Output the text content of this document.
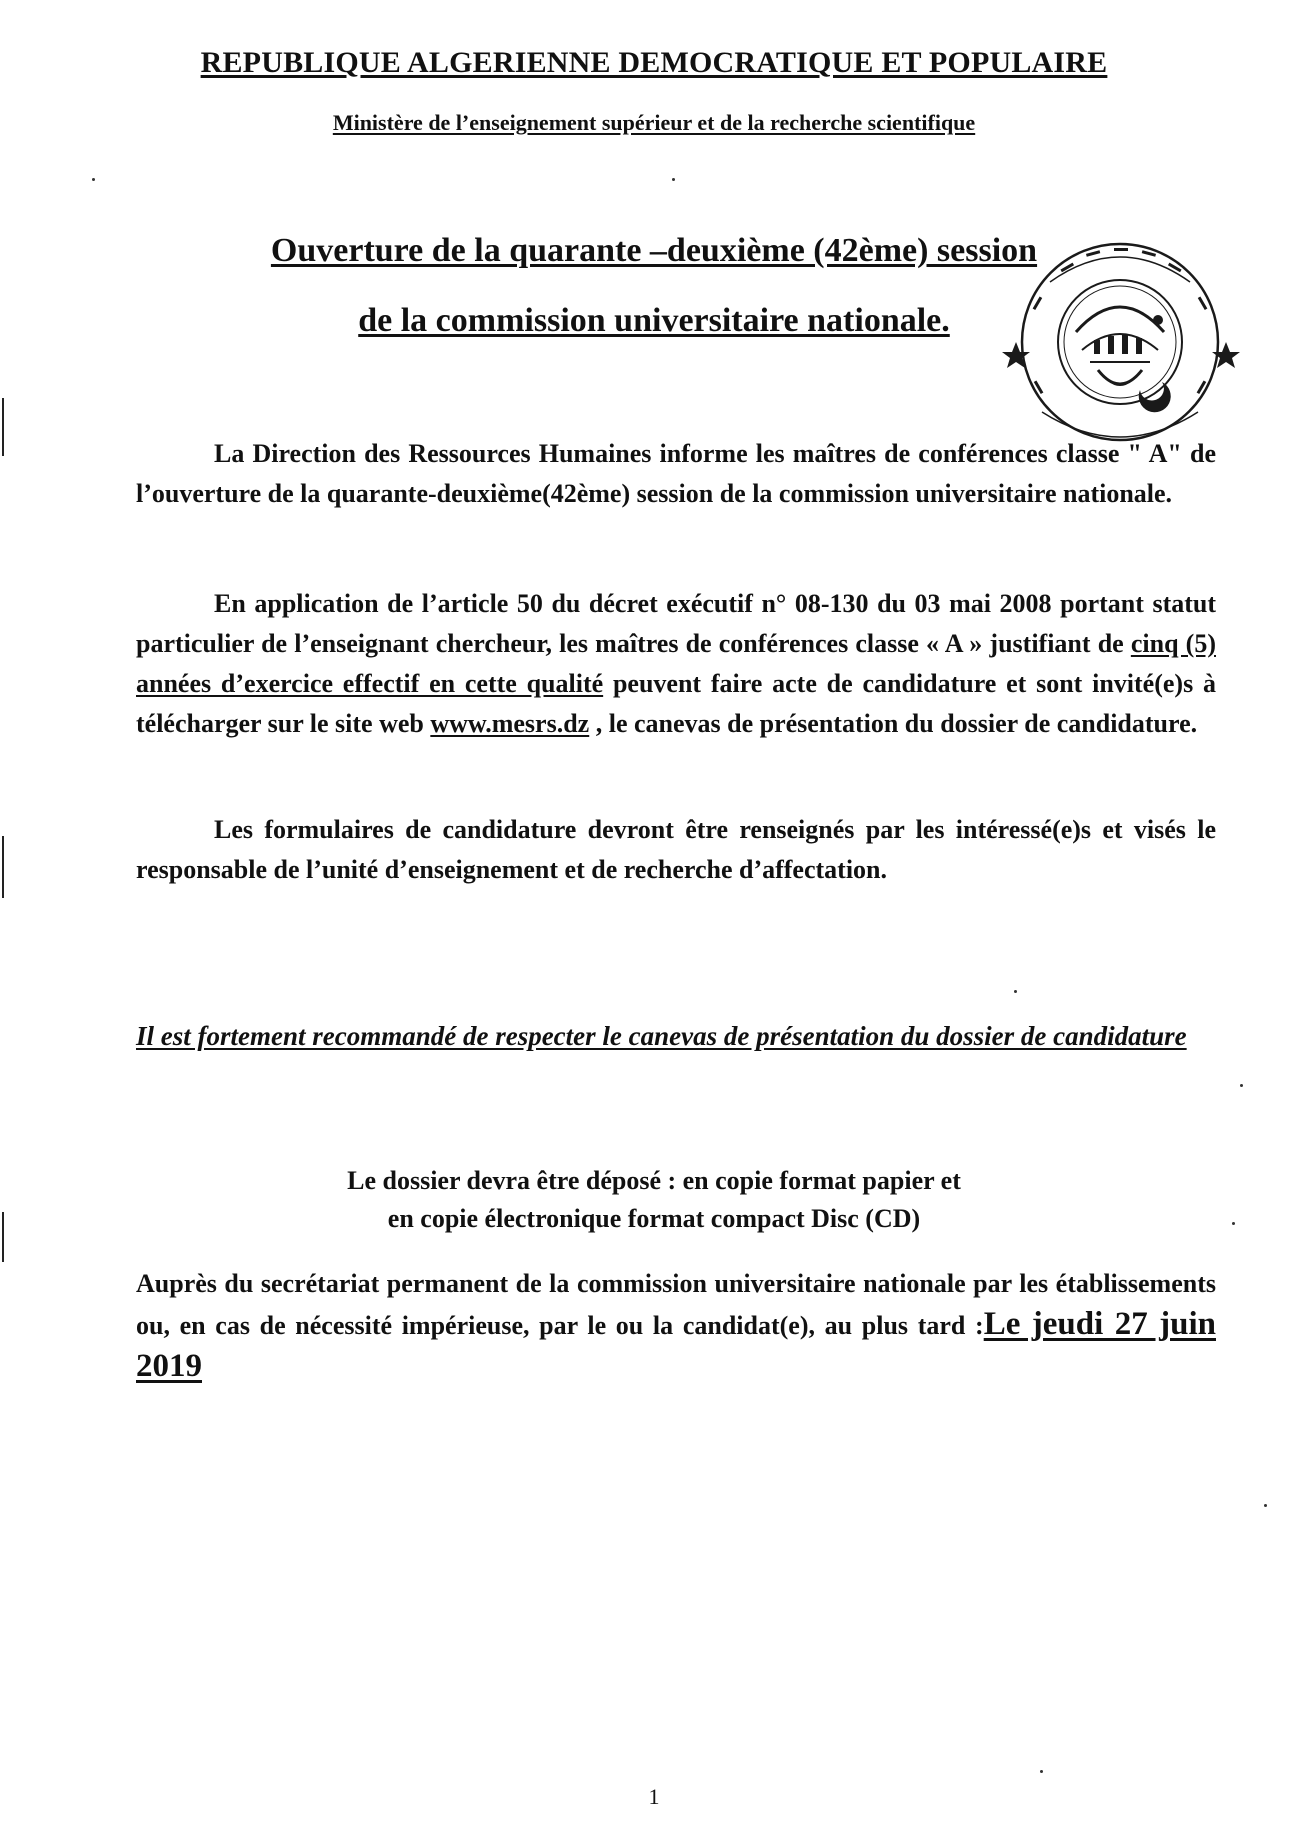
REPUBLIQUE ALGERIENNE DEMOCRATIQUE ET POPULAIRE
Ministère de l’enseignement supérieur et de la recherche scientifique
Ouverture de la quarante –deuxième (42ème) session
de la commission universitaire nationale.
La Direction des Ressources Humaines informe les maîtres de conférences classe " A" de l’ouverture de la quarante-deuxième(42ème) session de la commission universitaire nationale.
En application de l’article 50 du décret exécutif n° 08-130 du 03 mai 2008 portant statut particulier de l’enseignant chercheur, les maîtres de conférences classe « A » justifiant de cinq (5) années d’exercice effectif en cette qualité peuvent faire acte de candidature et sont invité(e)s à télécharger sur le site web www.mesrs.dz , le canevas de présentation du dossier de candidature.
Les formulaires de candidature devront être renseignés par les intéressé(e)s et visés le responsable de l’unité d’enseignement et de recherche d’affectation.
Il est fortement recommandé de respecter le canevas de présentation du dossier de candidature
Le dossier devra être déposé : en copie format papier et
en copie électronique format compact Disc (CD)
Auprès du secrétariat permanent de la commission universitaire nationale par les établissements ou, en cas de nécessité impérieuse, par le ou la candidat(e), au plus tard :Le jeudi 27 juin 2019
1
